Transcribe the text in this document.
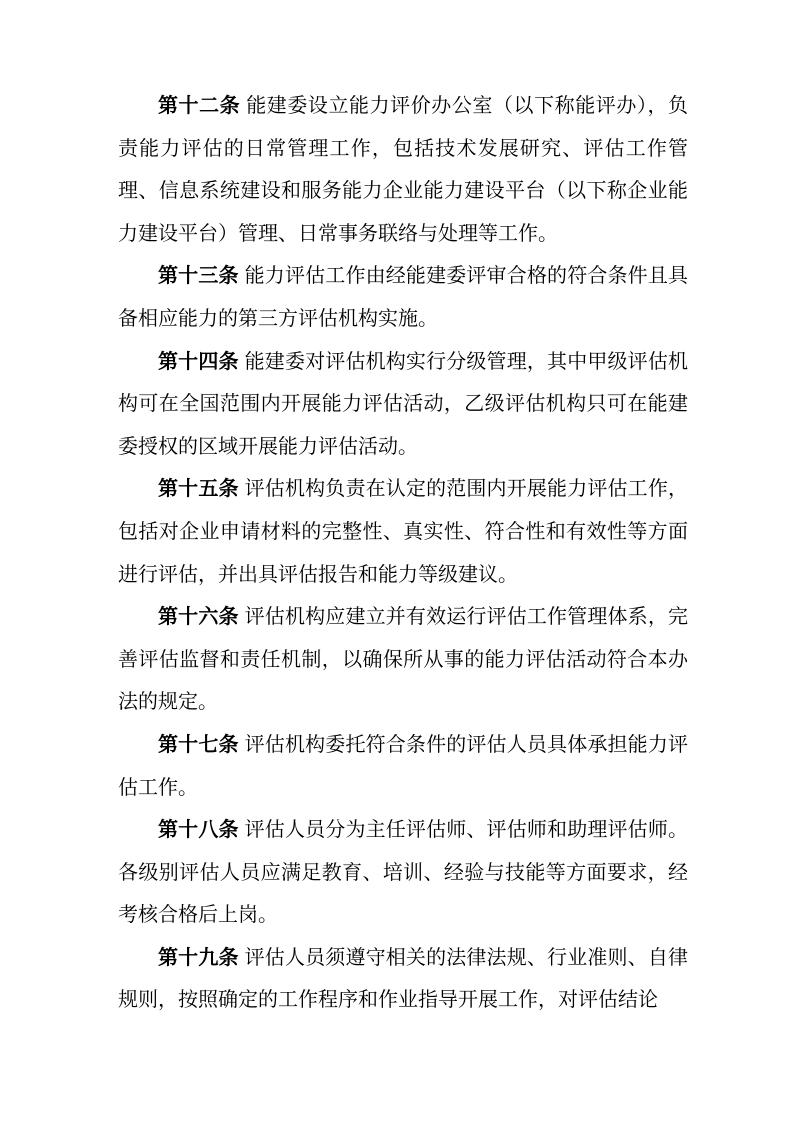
第十二条 能建委设立能力评价办公室（以下称能评办），负责能力评估的日常管理工作，包括技术发展研究、评估工作管理、信息系统建设和服务能力企业能力建设平台（以下称企业能力建设平台）管理、日常事务联络与处理等工作。

第十三条 能力评估工作由经能建委评审合格的符合条件且具备相应能力的第三方评估机构实施。

第十四条 能建委对评估机构实行分级管理，其中甲级评估机构可在全国范围内开展能力评估活动，乙级评估机构只可在能建委授权的区域开展能力评估活动。

第十五条 评估机构负责在认定的范围内开展能力评估工作，包括对企业申请材料的完整性、真实性、符合性和有效性等方面进行评估，并出具评估报告和能力等级建议。

第十六条 评估机构应建立并有效运行评估工作管理体系，完善评估监督和责任机制，以确保所从事的能力评估活动符合本办法的规定。

第十七条 评估机构委托符合条件的评估人员具体承担能力评估工作。

第十八条 评估人员分为主任评估师、评估师和助理评估师。各级别评估人员应满足教育、培训、经验与技能等方面要求，经考核合格后上岗。

第十九条 评估人员须遵守相关的法律法规、行业准则、自律规则，按照确定的工作程序和作业指导开展工作，对评估结论
